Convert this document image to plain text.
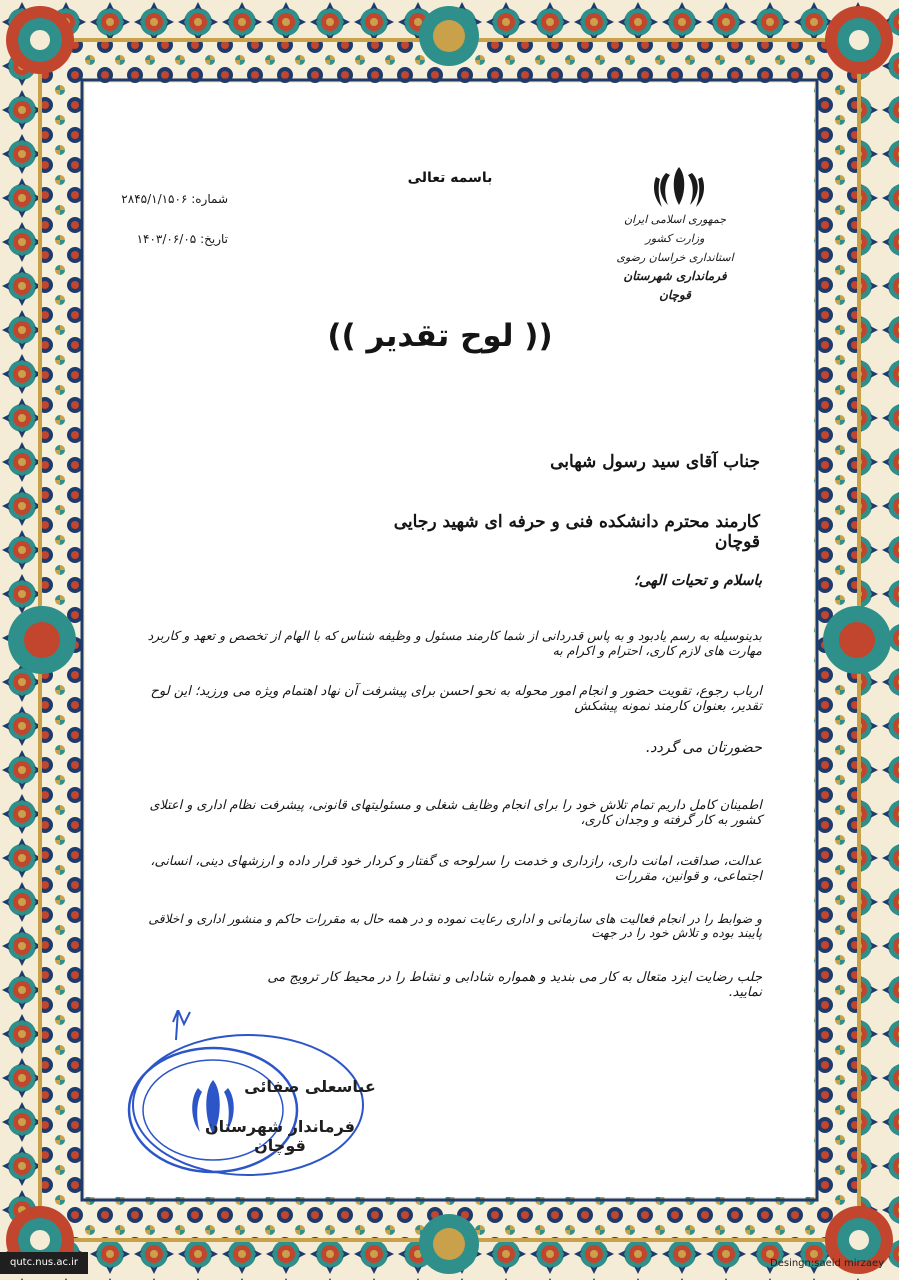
باسمه تعالی
شماره: ۲۸۴۵/۱/۱۵۰۶
تاریخ: ۱۴۰۳/۰۶/۰۵
جمهوری اسلامی ایران
وزارت کشور
استانداری خراسان رضوی
فرمانداری شهرستان قوچان
(( لوح تقدیر ))
جناب آقای سید رسول شهابی
کارمند محترم دانشکده فنی و حرفه ای شهید رجایی قوچان
باسلام و تحیات الهی؛
بدینوسیله به رسم یادبود و به پاس قدردانی از شما کارمند مسئول و وظیفه شناس که با الهام از تخصص و تعهد و کاربرد مهارت های لازم کاری، احترام و اکرام به
ارباب رجوع، تقویت حضور و انجام امور محوله به نحو احسن برای پیشرفت آن نهاد اهتمام ویژه می ورزید؛ این لوح تقدیر، بعنوان کارمند نمونه پیشکش
حضورتان می گردد.
اطمینان کامل داریم تمام تلاش خود را برای انجام وظایف شغلی و مسئولیتهای قانونی، پیشرفت نظام اداری و اعتلای کشور به کار گرفته و وجدان کاری،
عدالت، صداقت، امانت داری، رازداری و خدمت را سرلوحه ی گفتار و کردار خود قرار داده و ارزشهای دینی، انسانی، اجتماعی، و قوانین، مقررات
و ضوابط را در انجام فعالیت های سازمانی و اداری رعایت نموده و در همه حال به مقررات حاکم و منشور اداری و اخلاقی پایبند بوده و تلاش خود را در جهت
جلب رضایت ایزد متعال به کار می بندید و همواره شادابی و نشاط را در محیط کار ترویج می نمایید.
عباسعلی صفائی
فرماندار شهرستان قوچان
qutc.nus.ac.ir	Desingn:saeid mirzaey
